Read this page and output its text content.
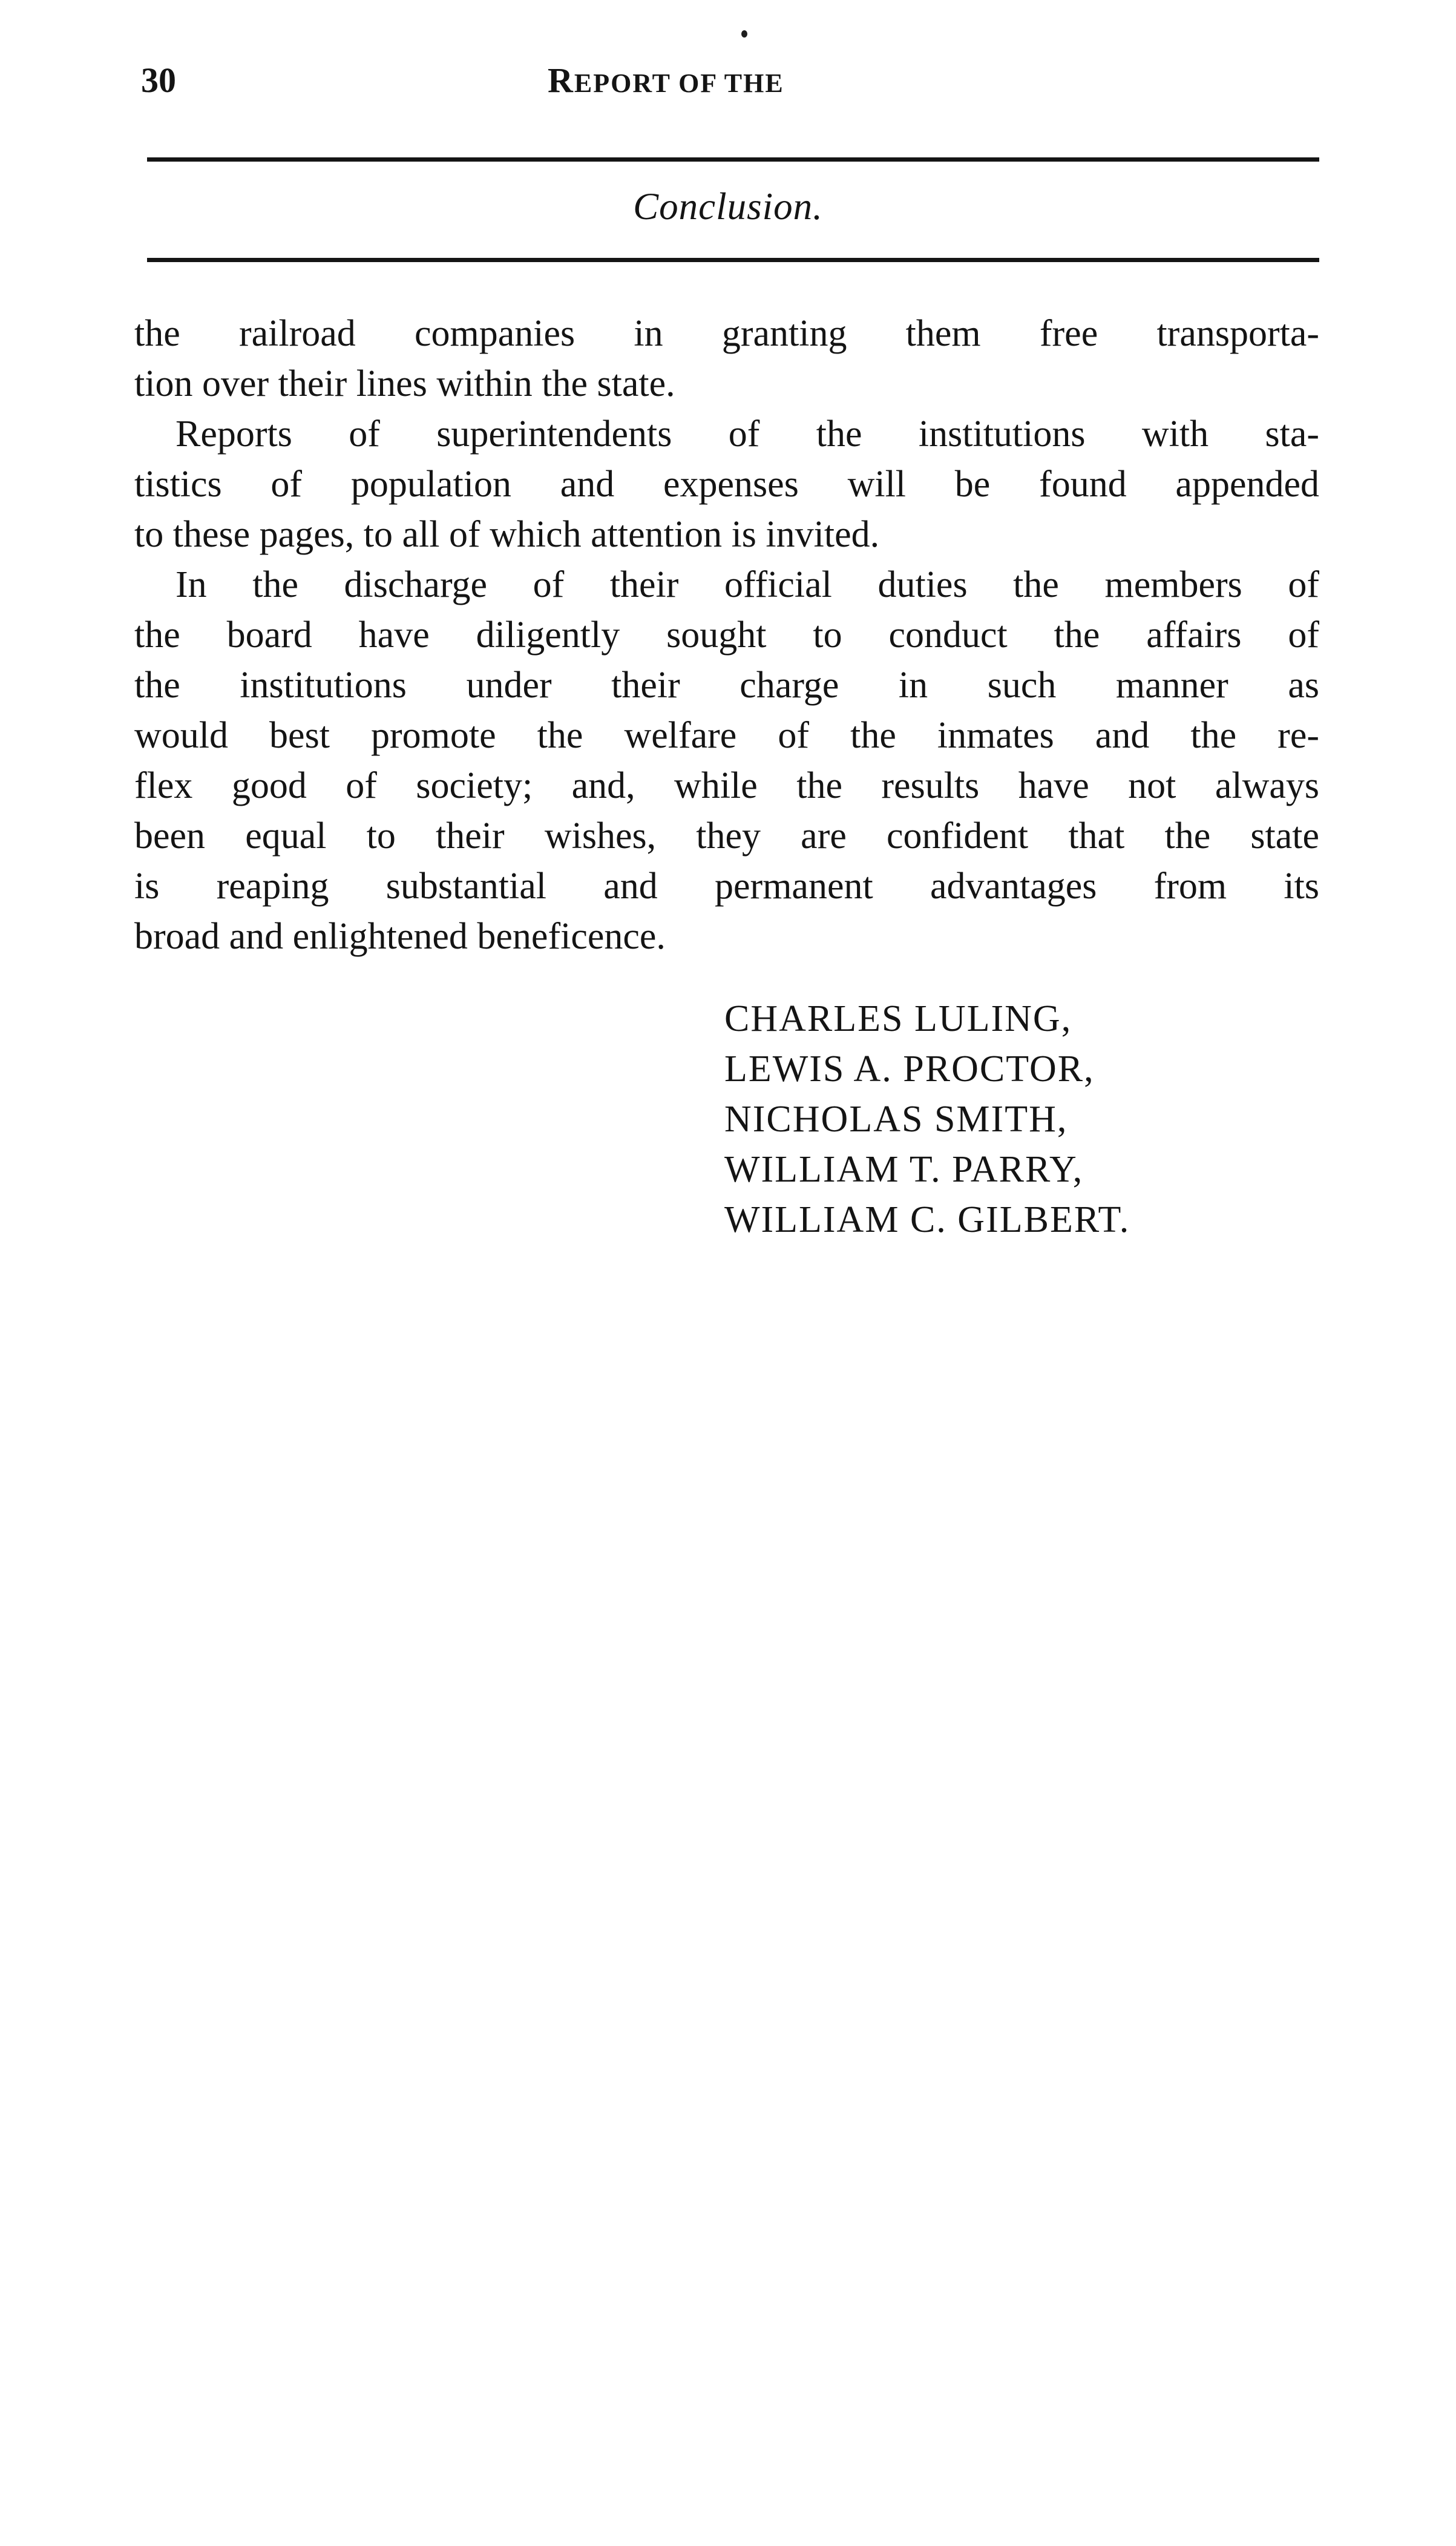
30	REPORT OF THE
Conclusion.
the railroad companies in granting them free transporta-
tion over their lines within the state.
Reports of superintendents of the institutions with sta-
tistics of population and expenses will be found appended
to these pages, to all of which attention is invited.
In the discharge of their official duties the members of
the board have diligently sought to conduct the affairs of
the institutions under their charge in such manner as
would best promote the welfare of the inmates and the re-
flex good of society; and, while the results have not always
been equal to their wishes, they are confident that the state
is reaping substantial and permanent advantages from its
broad and enlightened beneficence.
CHARLES LULING,
LEWIS A. PROCTOR,
NICHOLAS SMITH,
WILLIAM T. PARRY,
WILLIAM C. GILBERT.
